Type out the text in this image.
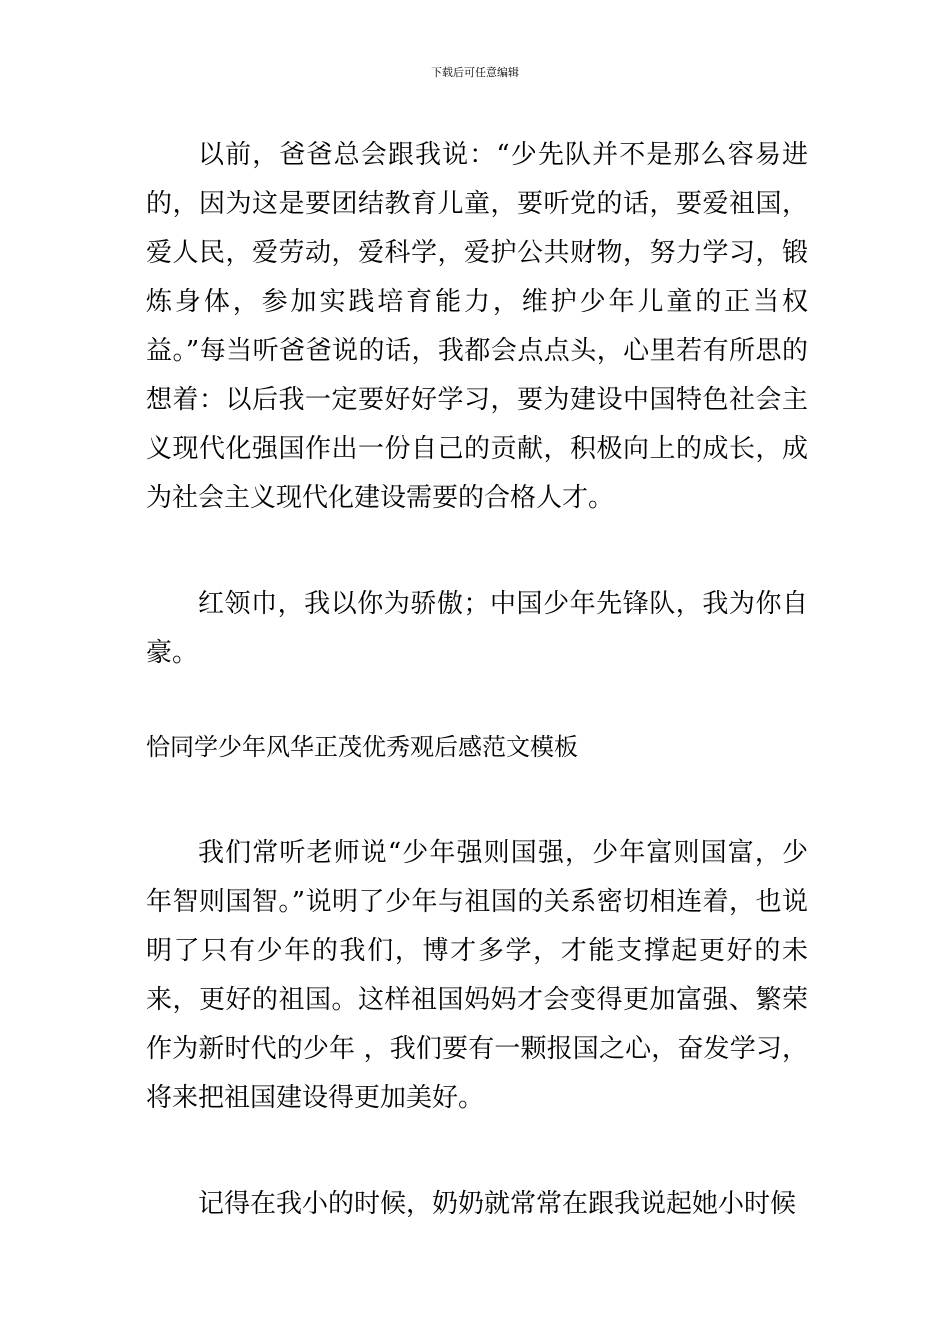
下载后可任意编辑

以前，爸爸总会跟我说：“少先队并不是那么容易进的，因为这是要团结教育儿童，要听党的话，要爱祖国，爱人民，爱劳动，爱科学，爱护公共财物，努力学习，锻炼身体，参加实践培育能力，维护少年儿童的正当权益。”每当听爸爸说的话，我都会点点头，心里若有所思的想着：以后我一定要好好学习，要为建设中国特色社会主义现代化强国作出一份自己的贡献，积极向上的成长，成为社会主义现代化建设需要的合格人才。

红领巾，我以你为骄傲；中国少年先锋队，我为你自豪。

恰同学少年风华正茂优秀观后感范文模板

我们常听老师说“少年强则国强，少年富则国富，少年智则国智。”说明了少年与祖国的关系密切相连着，也说明了只有少年的我们，博才多学，才能支撑起更好的未来，更好的祖国。这样祖国妈妈才会变得更加富强、繁荣作为新时代的少年 ，我们要有一颗报国之心，奋发学习，将来把祖国建设得更加美好。

记得在我小的时候，奶奶就常常在跟我说起她小时候
